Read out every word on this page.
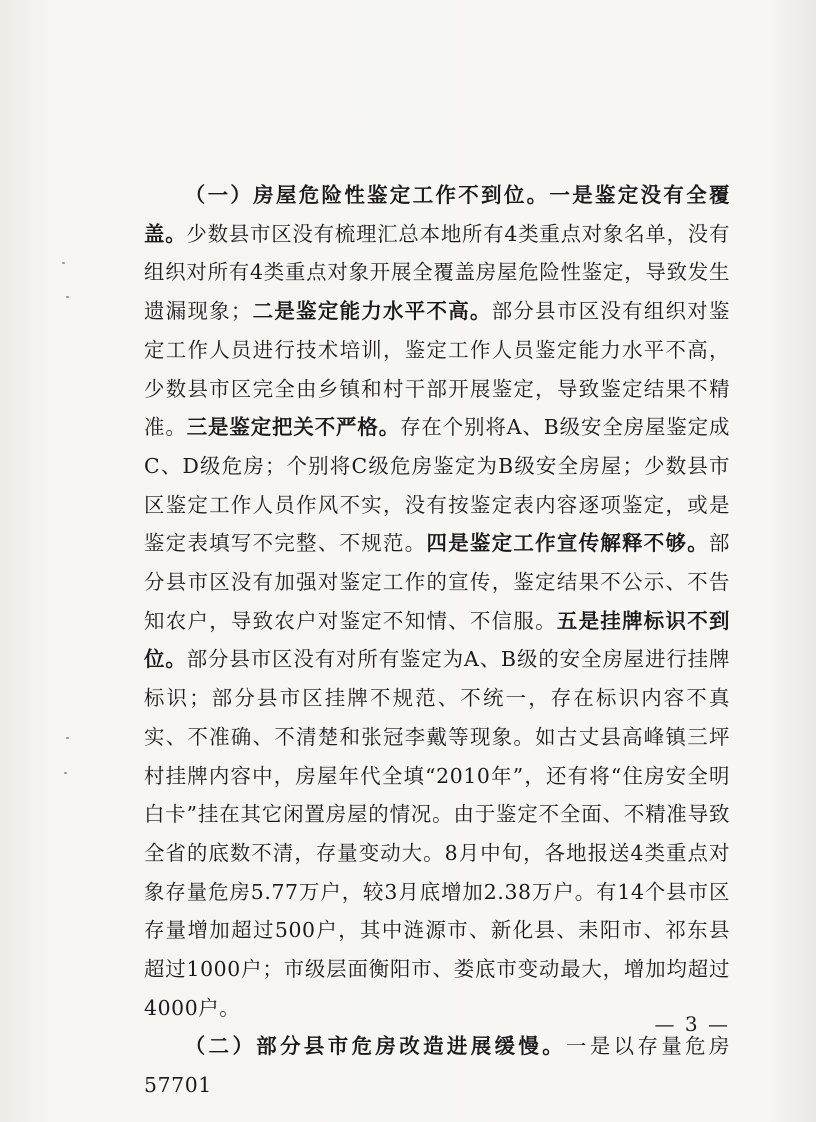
（一）房屋危险性鉴定工作不到位。一是鉴定没有全覆盖。少数县市区没有梳理汇总本地所有4类重点对象名单，没有组织对所有4类重点对象开展全覆盖房屋危险性鉴定，导致发生遗漏现象；二是鉴定能力水平不高。部分县市区没有组织对鉴定工作人员进行技术培训，鉴定工作人员鉴定能力水平不高，少数县市区完全由乡镇和村干部开展鉴定，导致鉴定结果不精准。三是鉴定把关不严格。存在个别将A、B级安全房屋鉴定成C、D级危房；个别将C级危房鉴定为B级安全房屋；少数县市区鉴定工作人员作风不实，没有按鉴定表内容逐项鉴定，或是鉴定表填写不完整、不规范。四是鉴定工作宣传解释不够。部分县市区没有加强对鉴定工作的宣传，鉴定结果不公示、不告知农户，导致农户对鉴定不知情、不信服。五是挂牌标识不到位。部分县市区没有对所有鉴定为A、B级的安全房屋进行挂牌标识；部分县市区挂牌不规范、不统一，存在标识内容不真实、不准确、不清楚和张冠李戴等现象。如古丈县高峰镇三坪村挂牌内容中，房屋年代全填“2010年”，还有将“住房安全明白卡”挂在其它闲置房屋的情况。由于鉴定不全面、不精准导致全省的底数不清，存量变动大。8月中旬，各地报送4类重点对象存量危房5.77万户，较3月底增加2.38万户。有14个县市区存量增加超过500户，其中涟源市、新化县、耒阳市、祁东县超过1000户；市级层面衡阳市、娄底市变动最大，增加均超过4000户。

（二）部分县市危房改造进展缓慢。一是以存量危房57701

— 3 —
